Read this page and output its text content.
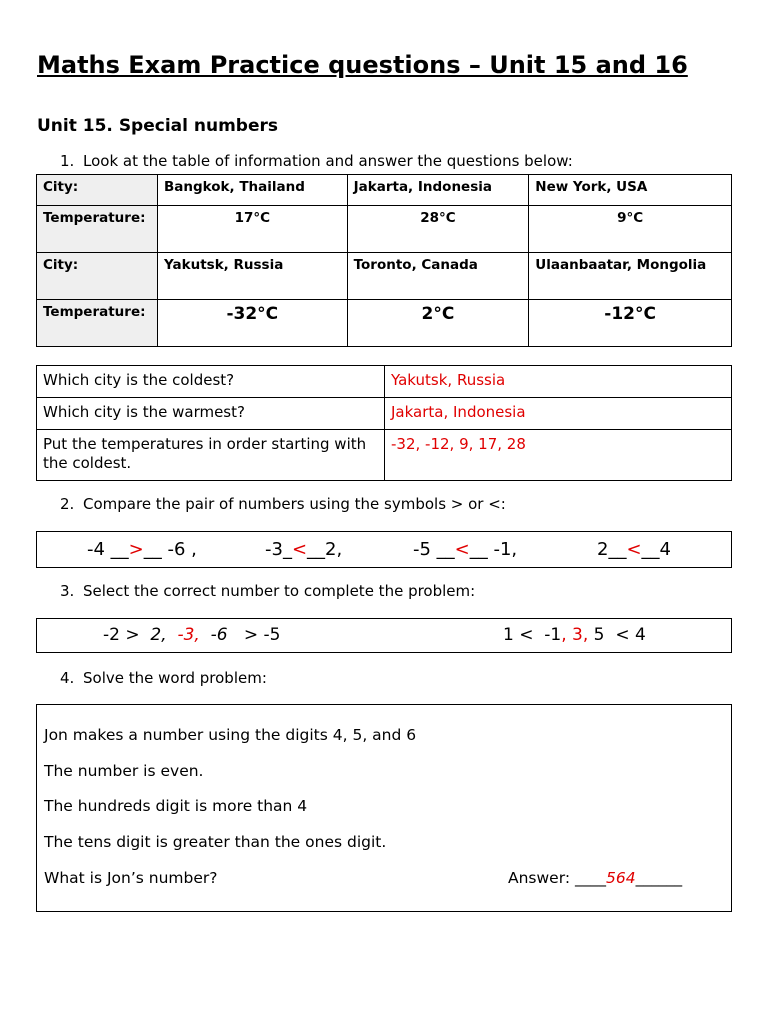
Maths Exam Practice questions – Unit 15 and 16
Unit 15. Special numbers
1. Look at the table of information and answer the questions below:
City:	Bangkok, Thailand	Jakarta, Indonesia	New York, USA
Temperature:	17°C	28°C	9°C
City:	Yakutsk, Russia	Toronto, Canada	Ulaanbaatar, Mongolia
Temperature:	-32°C	2°C	-12°C
Which city is the coldest?	Yakutsk, Russia
Which city is the warmest?	Jakarta, Indonesia
Put the temperatures in order starting with the coldest.	-32, -12, 9, 17, 28
2. Compare the pair of numbers using the symbols > or <:
-4 __>__ -6 ,	-3_<__2,	-5 __<__ -1,	2__<__4
3. Select the correct number to complete the problem:
-2 > 2, -3, -6 > -5	1 < -1, 3, 5 < 4
4. Solve the word problem:
Jon makes a number using the digits 4, 5, and 6
The number is even.
The hundreds digit is more than 4
The tens digit is greater than the ones digit.
What is Jon’s number?	Answer: ____564______
